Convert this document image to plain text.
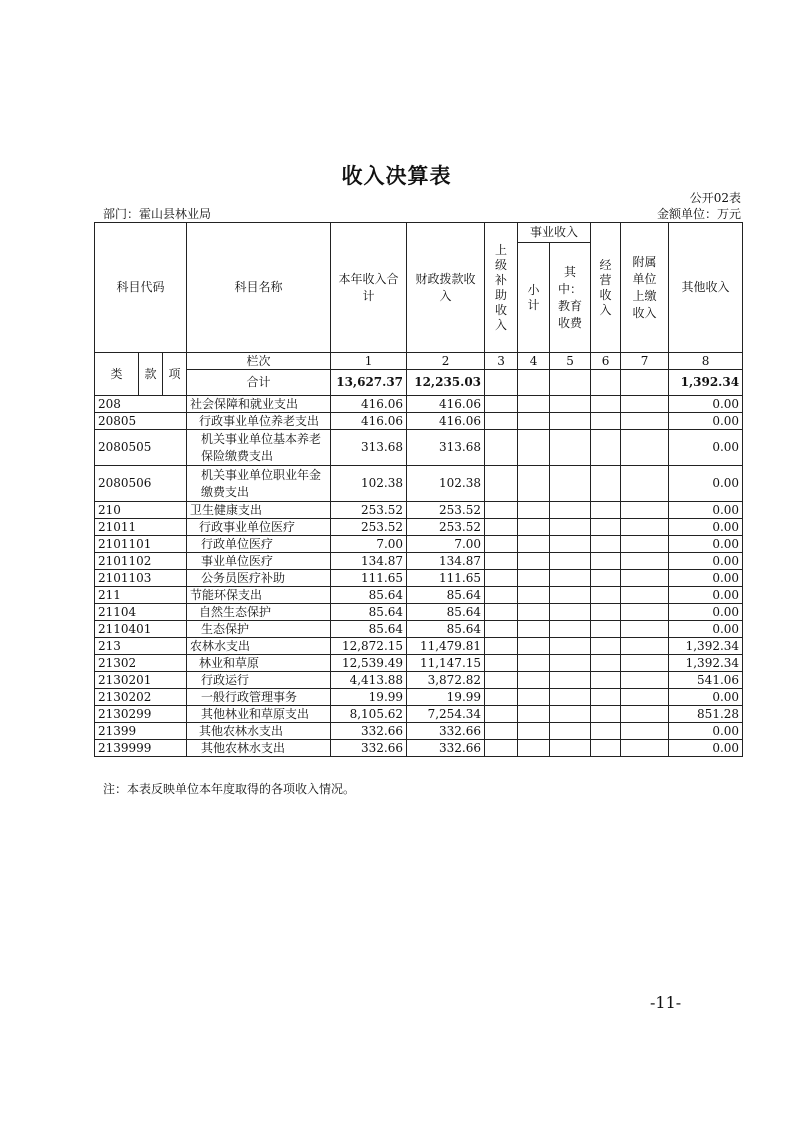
收入决算表
公开02表
部门：霍山县林业局	金额单位：万元
科目代码			科目名称	本年收入合计	财政拨款收入	上级补助收入	事业收入		经营收入	附属单位上缴收入	其他收入
							小计	其中：教育收费			
类	款	项	栏次	1	2	3	4	5	6	7	8
			合计	13,627.37	12,235.03						1,392.34
208			社会保障和就业支出	416.06	416.06						0.00
20805			行政事业单位养老支出	416.06	416.06						0.00
2080505			机关事业单位基本养老保险缴费支出	313.68	313.68						0.00
2080506			机关事业单位职业年金缴费支出	102.38	102.38						0.00
210			卫生健康支出	253.52	253.52						0.00
21011			行政事业单位医疗	253.52	253.52						0.00
2101101			行政单位医疗	7.00	7.00						0.00
2101102			事业单位医疗	134.87	134.87						0.00
2101103			公务员医疗补助	111.65	111.65						0.00
211			节能环保支出	85.64	85.64						0.00
21104			自然生态保护	85.64	85.64						0.00
2110401			生态保护	85.64	85.64						0.00
213			农林水支出	12,872.15	11,479.81						1,392.34
21302			林业和草原	12,539.49	11,147.15						1,392.34
2130201			行政运行	4,413.88	3,872.82						541.06
2130202			一般行政管理事务	19.99	19.99						0.00
2130299			其他林业和草原支出	8,105.62	7,254.34						851.28
21399			其他农林水支出	332.66	332.66						0.00
2139999			其他农林水支出	332.66	332.66						0.00
注：本表反映单位本年度取得的各项收入情况。
-11-
